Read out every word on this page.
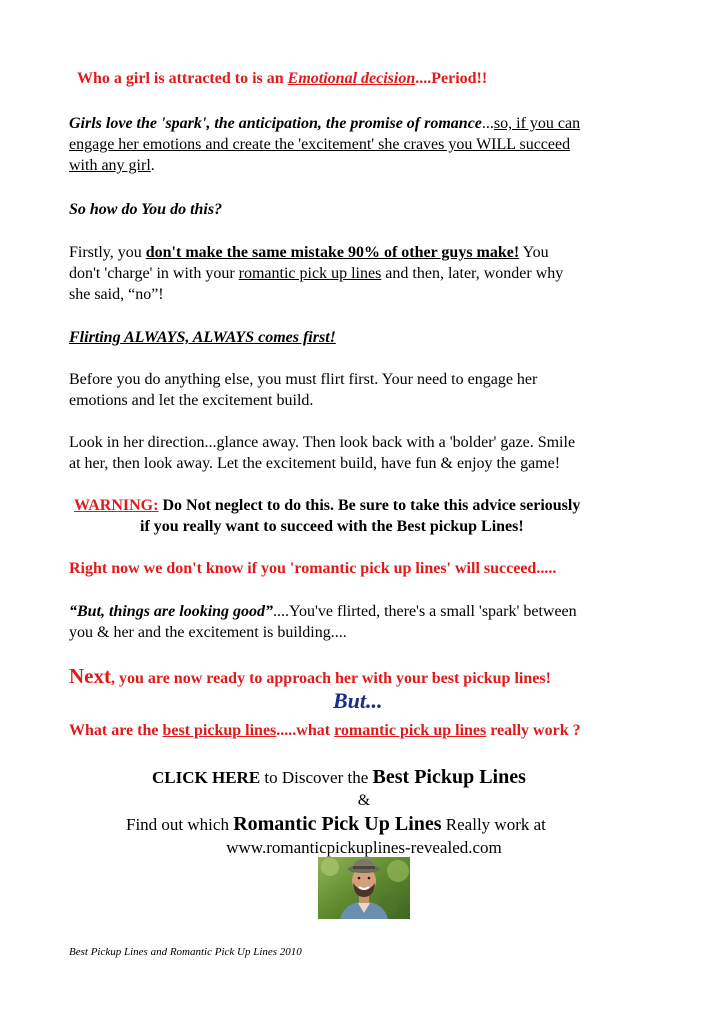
Who a girl is attracted to is an Emotional decision....Period!!

Girls love the 'spark', the anticipation, the promise of romance...so, if you can

engage her emotions and create the 'excitement' she craves you WILL succeed

with any girl.

So how do You do this?

Firstly, you don't make the same mistake 90% of other guys make! You

don't 'charge' in with your romantic pick up lines and then, later, wonder why

she said, “no”!

Flirting ALWAYS, ALWAYS comes first!

Before you do anything else, you must flirt first. Your need to engage her

emotions and let the excitement build.

Look in her direction...glance away. Then look back with a 'bolder' gaze. Smile

at her, then look away. Let the excitement build, have fun & enjoy the game!

WARNING: Do Not neglect to do this. Be sure to take this advice seriously

if you really want to succeed with the Best pickup Lines!

Right now we don't know if you 'romantic pick up lines' will succeed.....

“But, things are looking good”....You've flirted, there's a small 'spark' between

you & her and the excitement is building....

Next, you are now ready to approach her with your best pickup lines!

But...

What are the best pickup lines.....what romantic pick up lines really work ?

CLICK HERE to Discover the Best Pickup Lines

&

Find out which Romantic Pick Up Lines Really work at

www.romanticpickuplines-revealed.com

Best Pickup Lines and Romantic Pick Up Lines 2010
